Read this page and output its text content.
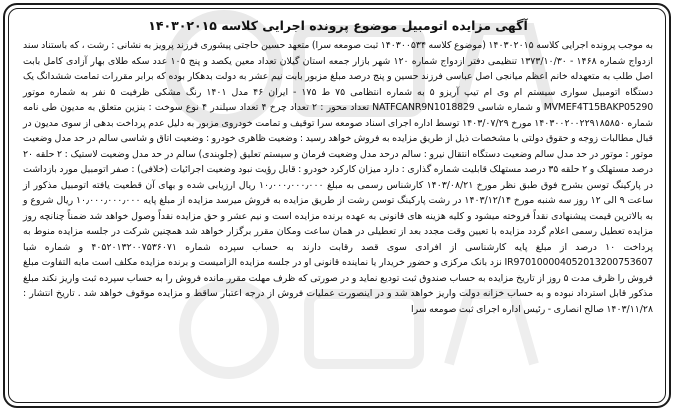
آگهی مزایده اتومبیل موضوع پرونده اجرایی کلاسه ۱۴۰۳۰۲۰۱۵

به موجب پرونده اجرایی کلاسه ۱۴۰۳۰۲۰۱۵ (موضوع کلاسه ۱۴۰۳۰۰۵۳۴ ثبت صومعه سرا) متعهد حسین حاجتی پیشوری فرزند پرویز به نشانی : رشت ، که باستناد سند ازدواج شماره ۱۴۶۸ - ۱۳۷۳/۱۰/۳۰ تنظیمی دفتر ازدواج شماره ۱۲۰ شهر بازار جمعه استان گیلان تعداد معین یکصد و پنج ۱۰۵ عدد سکه طلای بهار آزادی کامل بابت اصل طلب به متعهدله خانم اعظم میانجی اصل عباسی فرزند حسین و پنج درصد مبلغ مزبور بابت نیم عشر به دولت بدهکار بوده که برابر مقررات تمامت ششدانگ یک دستگاه اتومبیل سواری سیستم ام وی ام تیپ آریزو ۵ به شماره انتظامی ۷۵ ط ۱۷۵ - ایران ۴۶ مدل ۱۴۰۱ رنگ مشکی ظرفیت ۵ نفر به شماره موتور MVMEF4T15BAKP05290 و شماره شاسی NATFCANR9N1018829 تعداد محور : ۲ تعداد چرخ ۴ تعداد سیلندر ۴ نوع سوخت : بنزین متعلق به مدیون طی نامه شماره ۱۴۰۳۰۰۲۰۰۲۲۹۱۸۵۸۵۰ مورخ ۱۴۰۳/۰۷/۲۹ توسط اداره اجرای اسناد صومعه سرا توقیف و تمامت خودروی مزبور به دلیل عدم پرداخت بدهی از سوی مدیون در قبال مطالبات زوجه و حقوق دولتی با مشخصات ذیل از طریق مزایده به فروش خواهد رسید : وضعیت ظاهری خودرو : وضعیت اتاق و شاسی سالم در حد مدل وضعیت موتور : موتور در حد مدل سالم وضعیت دستگاه انتقال نیرو : سالم درحد مدل وضعیت فرمان و سیستم تعلیق (جلوبندی) سالم در حد مدل وضعیت لاستیک : ۲ حلقه ۲۰ درصد مستهلک و ۲ حلقه ۳۵ درصد مستهلک قابلیت شماره گذاری : دارد میزان کارکرد خودرو : قابل رؤیت نبود وضعیت اجرائیات (خلافی) : صفر اتومبیل مورد بازداشت در پارکینگ توسن بشرح فوق طبق نظر مورخ ۱۴۰۳/۰۸/۲۱ کارشناس رسمی به مبلغ ۱۰٫۰۰۰٫۰۰۰٫۰۰۰ ریال ارزیابی شده و بهای آن قطعیت یافته اتومبیل مذکور از ساعت ۹ الی ۱۲ روز سه شنبه مورخ ۱۴۰۳/۱۲/۱۴ در رشت پارکینگ توسن رشت از طریق مزایده به فروش میرسد مزایده از مبلغ پایه ۱۰٫۰۰۰٫۰۰۰٫۰۰۰ ریال شروع و به بالاترین قیمت پیشنهادی نقداً فروخته میشود و کلیه هزینه های قانونی به عهده برنده مزایده است و نیم عشر و حق مزایده نقداً وصول خواهد شد ضمناً چنانچه روز مزایده تعطیل رسمی اعلام گردد مزایده با تعیین وقت مجدد بعد از تعطیلی در همان ساعت ومکان مقرر برگزار خواهد شد همچنین شرکت در جلسه مزایده منوط به پرداخت ۱۰ درصد از مبلغ پایه کارشناسی از افرادی سوی قصد رقابت دارند به حساب سپرده شماره ۴۰۵۲۰۱۳۲۰۰۷۵۳۶۰۷۱ و شماره شبا IR970100004052013200753607 نزد بانک مرکزی و حضور خریدار یا نماینده قانونی او در جلسه مزایده الزامیست و برنده مزایده مکلف است مابه التفاوت مبلغ فروش را ظرف مدت ۵ روز از تاریخ مزایده به حساب صندوق ثبت تودیع نماید و در صورتی که ظرف مهلت مقرر مانده فروش را به حساب سپرده ثبت واریز نکند مبلغ مذکور قابل استرداد نبوده و به حساب خزانه دولت واریز خواهد شد و در اینصورت عملیات فروش از درجه اعتبار ساقط و مزایده موقوف خواهد شد . تاریخ انتشار : ۱۴۰۳/۱۱/۲۸ صالح انصاری - رئیس اداره اجرای ثبت صومعه سرا
